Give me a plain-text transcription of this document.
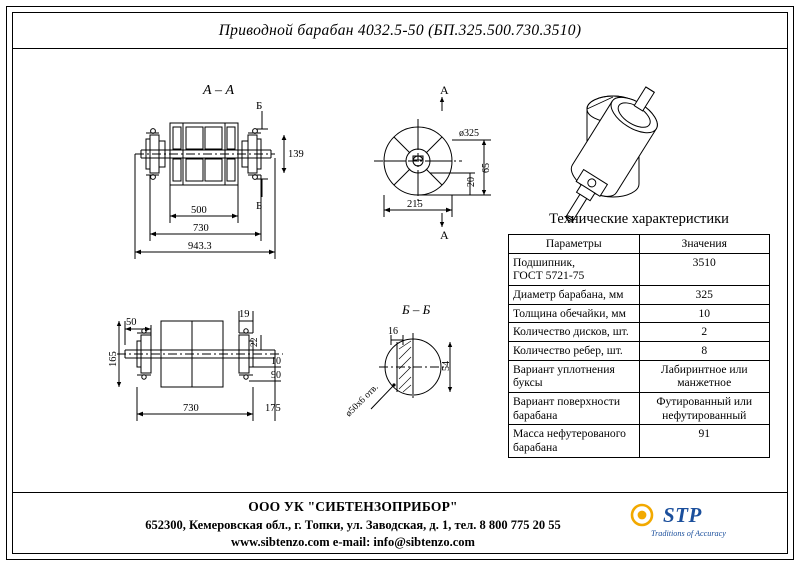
Приводной барабан 4032.5-50 (БП.325.500.730.3510)
А – А
Б
Б
139
500
730
943.3
А
А
ø325
65
20
215
50
19
22
165	10
90
730	175
Б – Б
16
54
ø50х6 отв.
Технические характеристики
Параметры	Значения
Подшипник,
ГОСТ 5721-75	3510
Диаметр барабана, мм	325
Толщина обечайки, мм	10
Количество дисков, шт.	2
Количество ребер, шт.	8
Вариант уплотнения
буксы	Лабиринтное или
манжетное
Вариант поверхности
барабана	Футированный или
нефутированный
Масса нефутерованого
барабана	91
ООО УК "СИБТЕНЗОПРИБОР"
652300, Кемеровская обл., г. Топки, ул. Заводская, д. 1, тел. 8 800 775 20 55
www.sibtenzo.com e-mail: info@sibtenzo.com
STP
Traditions of Accuracy
